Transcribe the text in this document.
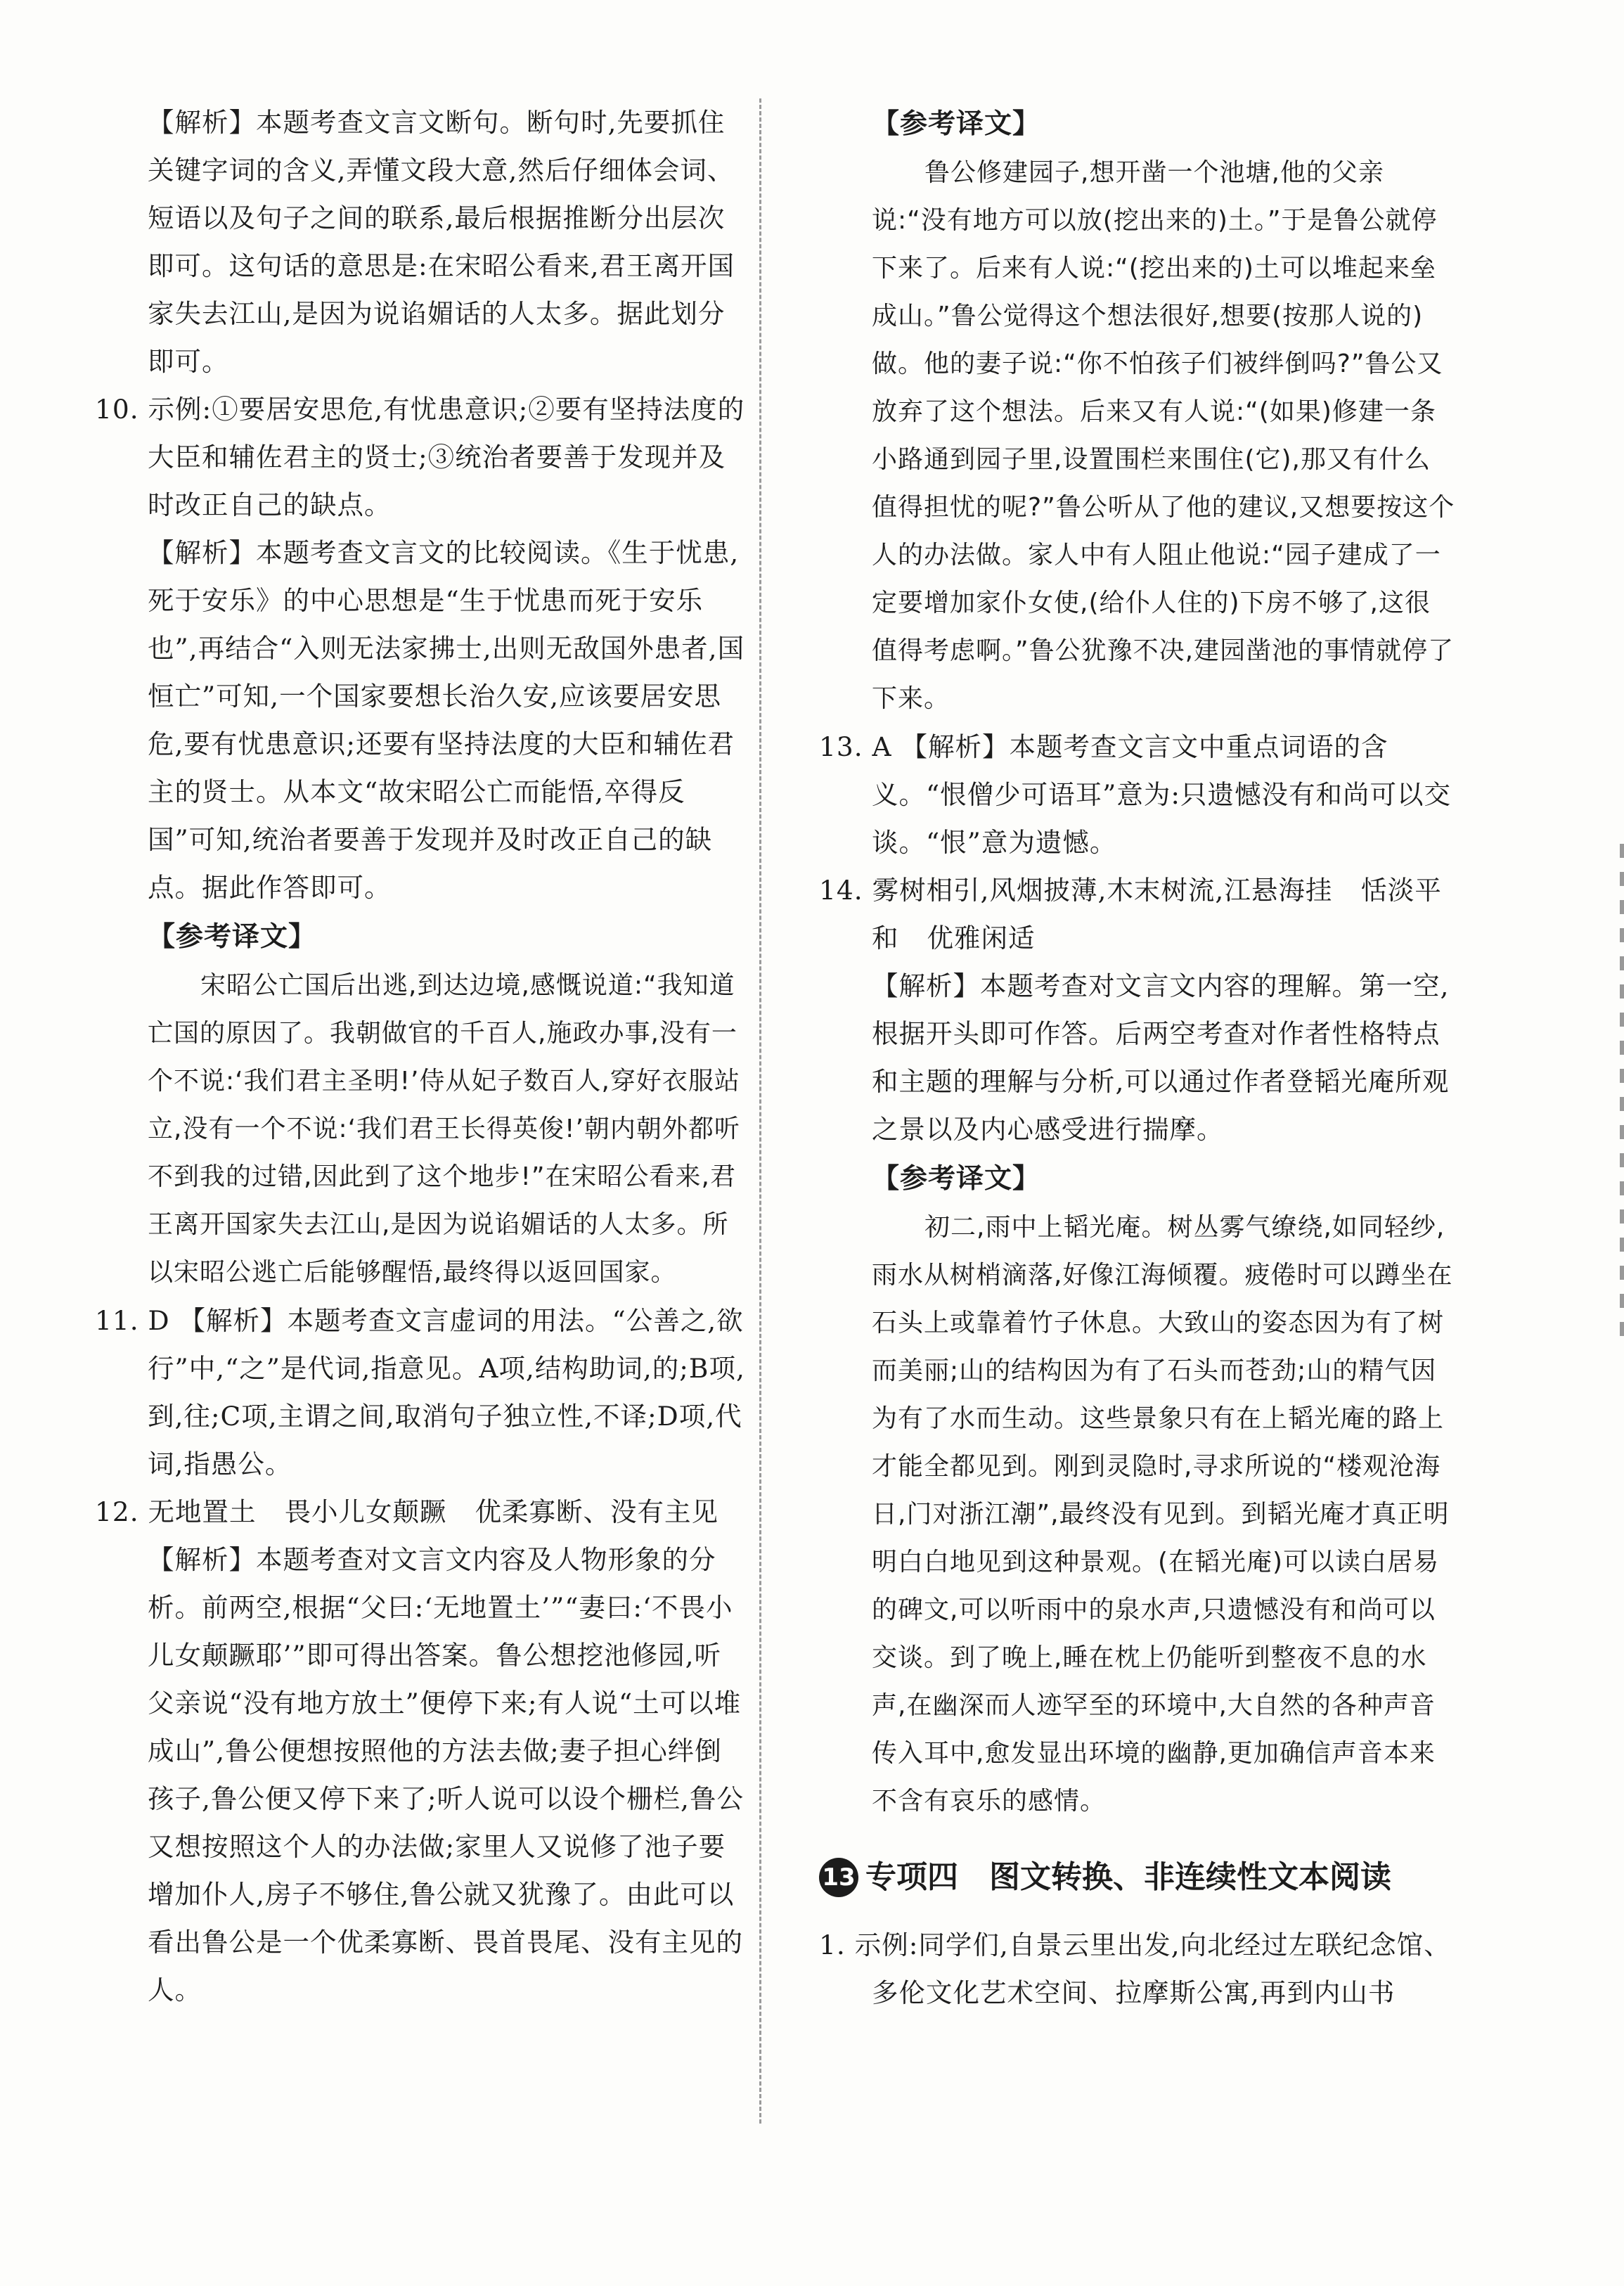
【解析】本题考查文言文断句。断句时,先要抓住关键字词的含义,弄懂文段大意,然后仔细体会词、短语以及句子之间的联系,最后根据推断分出层次即可。这句话的意思是:在宋昭公看来,君王离开国家失去江山,是因为说谄媚话的人太多。据此划分即可。

10. 示例:①要居安思危,有忧患意识;②要有坚持法度的大臣和辅佐君主的贤士;③统治者要善于发现并及时改正自己的缺点。

【解析】本题考查文言文的比较阅读。《生于忧患,死于安乐》的中心思想是“生于忧患而死于安乐也”,再结合“入则无法家拂士,出则无敌国外患者,国恒亡”可知,一个国家要想长治久安,应该要居安思危,要有忧患意识;还要有坚持法度的大臣和辅佐君主的贤士。从本文“故宋昭公亡而能悟,卒得反国”可知,统治者要善于发现并及时改正自己的缺点。据此作答即可。

【参考译文】

宋昭公亡国后出逃,到达边境,感慨说道:“我知道亡国的原因了。我朝做官的千百人,施政办事,没有一个不说:‘我们君主圣明!’侍从妃子数百人,穿好衣服站立,没有一个不说:‘我们君王长得英俊!’朝内朝外都听不到我的过错,因此到了这个地步!”在宋昭公看来,君王离开国家失去江山,是因为说谄媚话的人太多。所以宋昭公逃亡后能够醒悟,最终得以返回国家。

11. D 【解析】本题考查文言虚词的用法。“公善之,欲行”中,“之”是代词,指意见。A项,结构助词,的;B项,到,往;C项,主谓之间,取消句子独立性,不译;D项,代词,指愚公。

12. 无地置土 畏小儿女颠蹶 优柔寡断、没有主见

【解析】本题考查对文言文内容及人物形象的分析。前两空,根据“父曰:‘无地置土’”“妻曰:‘不畏小儿女颠蹶耶’”即可得出答案。鲁公想挖池修园,听父亲说“没有地方放土”便停下来;有人说“土可以堆成山”,鲁公便想按照他的方法去做;妻子担心绊倒孩子,鲁公便又停下来了;听人说可以设个栅栏,鲁公又想按照这个人的办法做;家里人又说修了池子要增加仆人,房子不够住,鲁公就又犹豫了。由此可以看出鲁公是一个优柔寡断、畏首畏尾、没有主见的人。

【参考译文】

鲁公修建园子,想开凿一个池塘,他的父亲说:“没有地方可以放(挖出来的)土。”于是鲁公就停下来了。后来有人说:“(挖出来的)土可以堆起来垒成山。”鲁公觉得这个想法很好,想要(按那人说的)做。他的妻子说:“你不怕孩子们被绊倒吗?”鲁公又放弃了这个想法。后来又有人说:“(如果)修建一条小路通到园子里,设置围栏来围住(它),那又有什么值得担忧的呢?”鲁公听从了他的建议,又想要按这个人的办法做。家人中有人阻止他说:“园子建成了一定要增加家仆女使,(给仆人住的)下房不够了,这很值得考虑啊。”鲁公犹豫不决,建园凿池的事情就停了下来。

13. A 【解析】本题考查文言文中重点词语的含义。“恨僧少可语耳”意为:只遗憾没有和尚可以交谈。“恨”意为遗憾。

14. 雾树相引,风烟披薄,木末树流,江悬海挂 恬淡平和 优雅闲适

【解析】本题考查对文言文内容的理解。第一空,根据开头即可作答。后两空考查对作者性格特点和主题的理解与分析,可以通过作者登韬光庵所观之景以及内心感受进行揣摩。

【参考译文】

初二,雨中上韬光庵。树丛雾气缭绕,如同轻纱,雨水从树梢滴落,好像江海倾覆。疲倦时可以蹲坐在石头上或靠着竹子休息。大致山的姿态因为有了树而美丽;山的结构因为有了石头而苍劲;山的精气因为有了水而生动。这些景象只有在上韬光庵的路上才能全都见到。刚到灵隐时,寻求所说的“楼观沧海日,门对浙江潮”,最终没有见到。到韬光庵才真正明明白白地见到这种景观。(在韬光庵)可以读白居易的碑文,可以听雨中的泉水声,只遗憾没有和尚可以交谈。到了晚上,睡在枕上仍能听到整夜不息的水声,在幽深而人迹罕至的环境中,大自然的各种声音传入耳中,愈发显出环境的幽静,更加确信声音本来不含有哀乐的感情。

13 专项四　图文转换、非连续性文本阅读

1. 示例:同学们,自景云里出发,向北经过左联纪念馆、多伦文化艺术空间、拉摩斯公寓,再到内山书
